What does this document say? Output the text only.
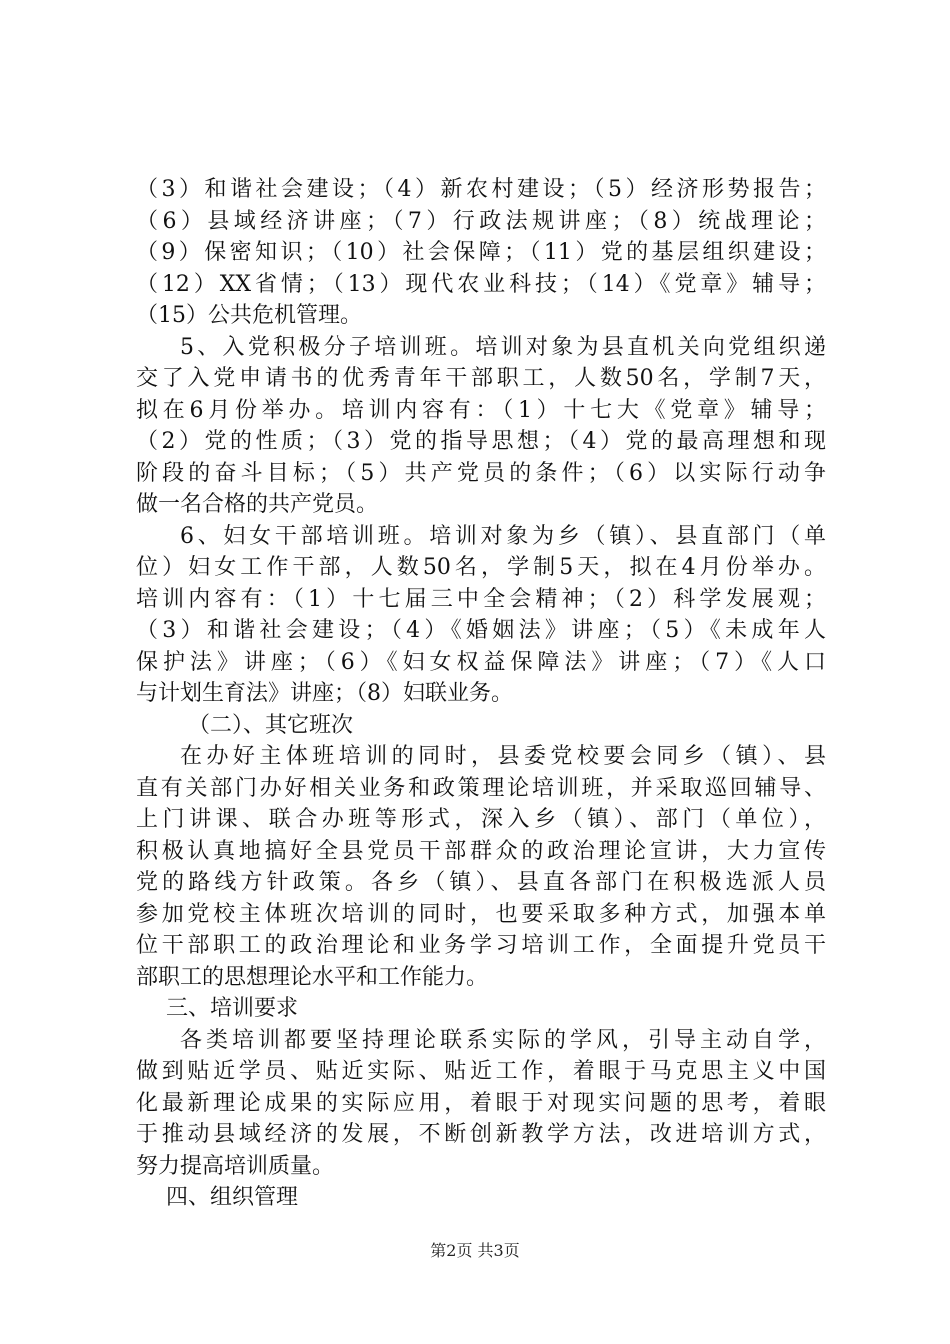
（3）和谐社会建设；（4）新农村建设；（5）经济形势报告；
（6）县域经济讲座；（7）行政法规讲座；（8）统战理论；
（9）保密知识；（10）社会保障；（11）党的基层组织建设；
（12）XX省情；（13）现代农业科技；（14）《党章》辅导；
（15）公共危机管理。
5、入党积极分子培训班。培训对象为县直机关向党组织递
交了入党申请书的优秀青年干部职工，人数50名，学制7天，
拟在6月份举办。培训内容有：（1）十七大《党章》辅导；
（2）党的性质；（3）党的指导思想；（4）党的最高理想和现
阶段的奋斗目标；（5）共产党员的条件；（6）以实际行动争
做一名合格的共产党员。
6、妇女干部培训班。培训对象为乡（镇）、县直部门（单
位）妇女工作干部，人数50名，学制5天，拟在4月份举办。
培训内容有：（1）十七届三中全会精神；（2）科学发展观；
（3）和谐社会建设；（4）《婚姻法》讲座；（5）《未成年人
保护法》讲座；（6）《妇女权益保障法》讲座；（7）《人口
与计划生育法》讲座；（8）妇联业务。
（二）、其它班次
在办好主体班培训的同时，县委党校要会同乡（镇）、县
直有关部门办好相关业务和政策理论培训班，并采取巡回辅导、
上门讲课、联合办班等形式，深入乡（镇）、部门（单位），
积极认真地搞好全县党员干部群众的政治理论宣讲，大力宣传
党的路线方针政策。各乡（镇）、县直各部门在积极选派人员
参加党校主体班次培训的同时，也要采取多种方式，加强本单
位干部职工的政治理论和业务学习培训工作，全面提升党员干
部职工的思想理论水平和工作能力。
三、培训要求
各类培训都要坚持理论联系实际的学风，引导主动自学，
做到贴近学员、贴近实际、贴近工作，着眼于马克思主义中国
化最新理论成果的实际应用，着眼于对现实问题的思考，着眼
于推动县域经济的发展，不断创新教学方法，改进培训方式，
努力提高培训质量。
四、组织管理
第2页 共3页
